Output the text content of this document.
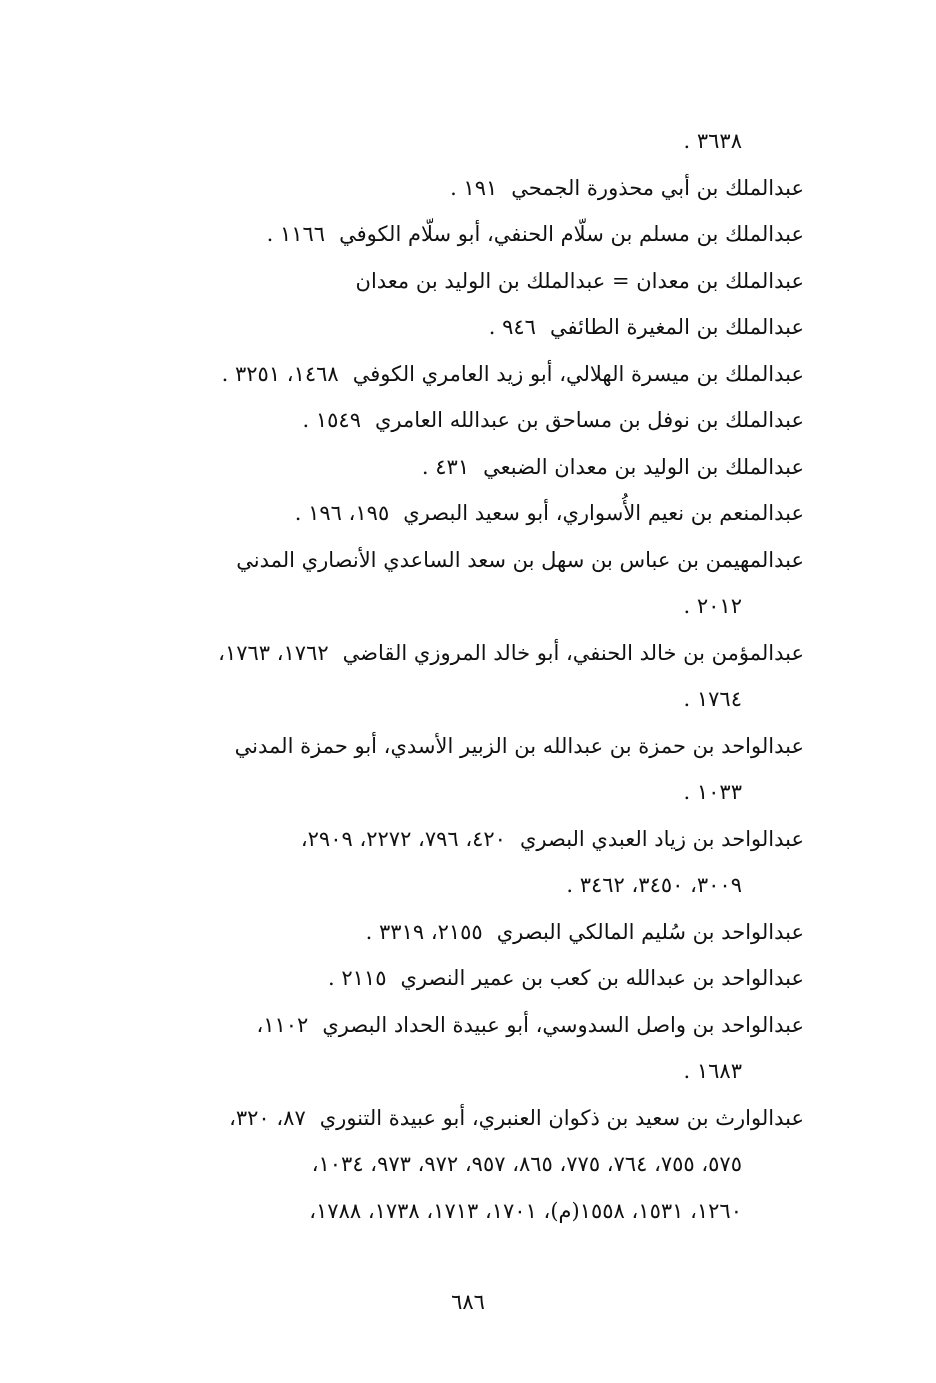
٣٦٣٨ .
عبدالملك بن أبي محذورة الجمحي١٩١ .
عبدالملك بن مسلم بن سلّام الحنفي، أبو سلّام الكوفي١١٦٦ .
عبدالملك بن معدان = عبدالملك بن الوليد بن معدان
عبدالملك بن المغيرة الطائفي٩٤٦ .
عبدالملك بن ميسرة الهلالي، أبو زيد العامري الكوفي١٤٦٨، ٣٢٥١ .
عبدالملك بن نوفل بن مساحق بن عبدالله العامري١٥٤٩ .
عبدالملك بن الوليد بن معدان الضبعي٤٣١ .
عبدالمنعم بن نعيم الأُسواري، أبو سعيد البصري١٩٥، ١٩٦ .
عبدالمهيمن بن عباس بن سهل بن سعد الساعدي الأنصاري المدني
٢٠١٢ .
عبدالمؤمن بن خالد الحنفي، أبو خالد المروزي القاضي١٧٦٢، ١٧٦٣،
١٧٦٤ .
عبدالواحد بن حمزة بن عبدالله بن الزبير الأسدي، أبو حمزة المدني
١٠٣٣ .
عبدالواحد بن زياد العبدي البصري٤٢٠، ٧٩٦، ٢٢٧٢، ٢٩٠٩،
٣٠٠٩، ٣٤٥٠، ٣٤٦٢ .
عبدالواحد بن سُليم المالكي البصري٢١٥٥، ٣٣١٩ .
عبدالواحد بن عبدالله بن كعب بن عمير النصري٢١١٥ .
عبدالواحد بن واصل السدوسي، أبو عبيدة الحداد البصري١١٠٢،
١٦٨٣ .
عبدالوارث بن سعيد بن ذكوان العنبري، أبو عبيدة التنوري٨٧، ٣٢٠،
٥٧٥، ٧٥٥، ٧٦٤، ٧٧٥، ٨٦٥، ٩٥٧، ٩٧٢، ٩٧٣، ١٠٣٤،
١٢٦٠، ١٥٣١، ١٥٥٨(م)، ١٧٠١، ١٧١٣، ١٧٣٨، ١٧٨٨،
٦٨٦
